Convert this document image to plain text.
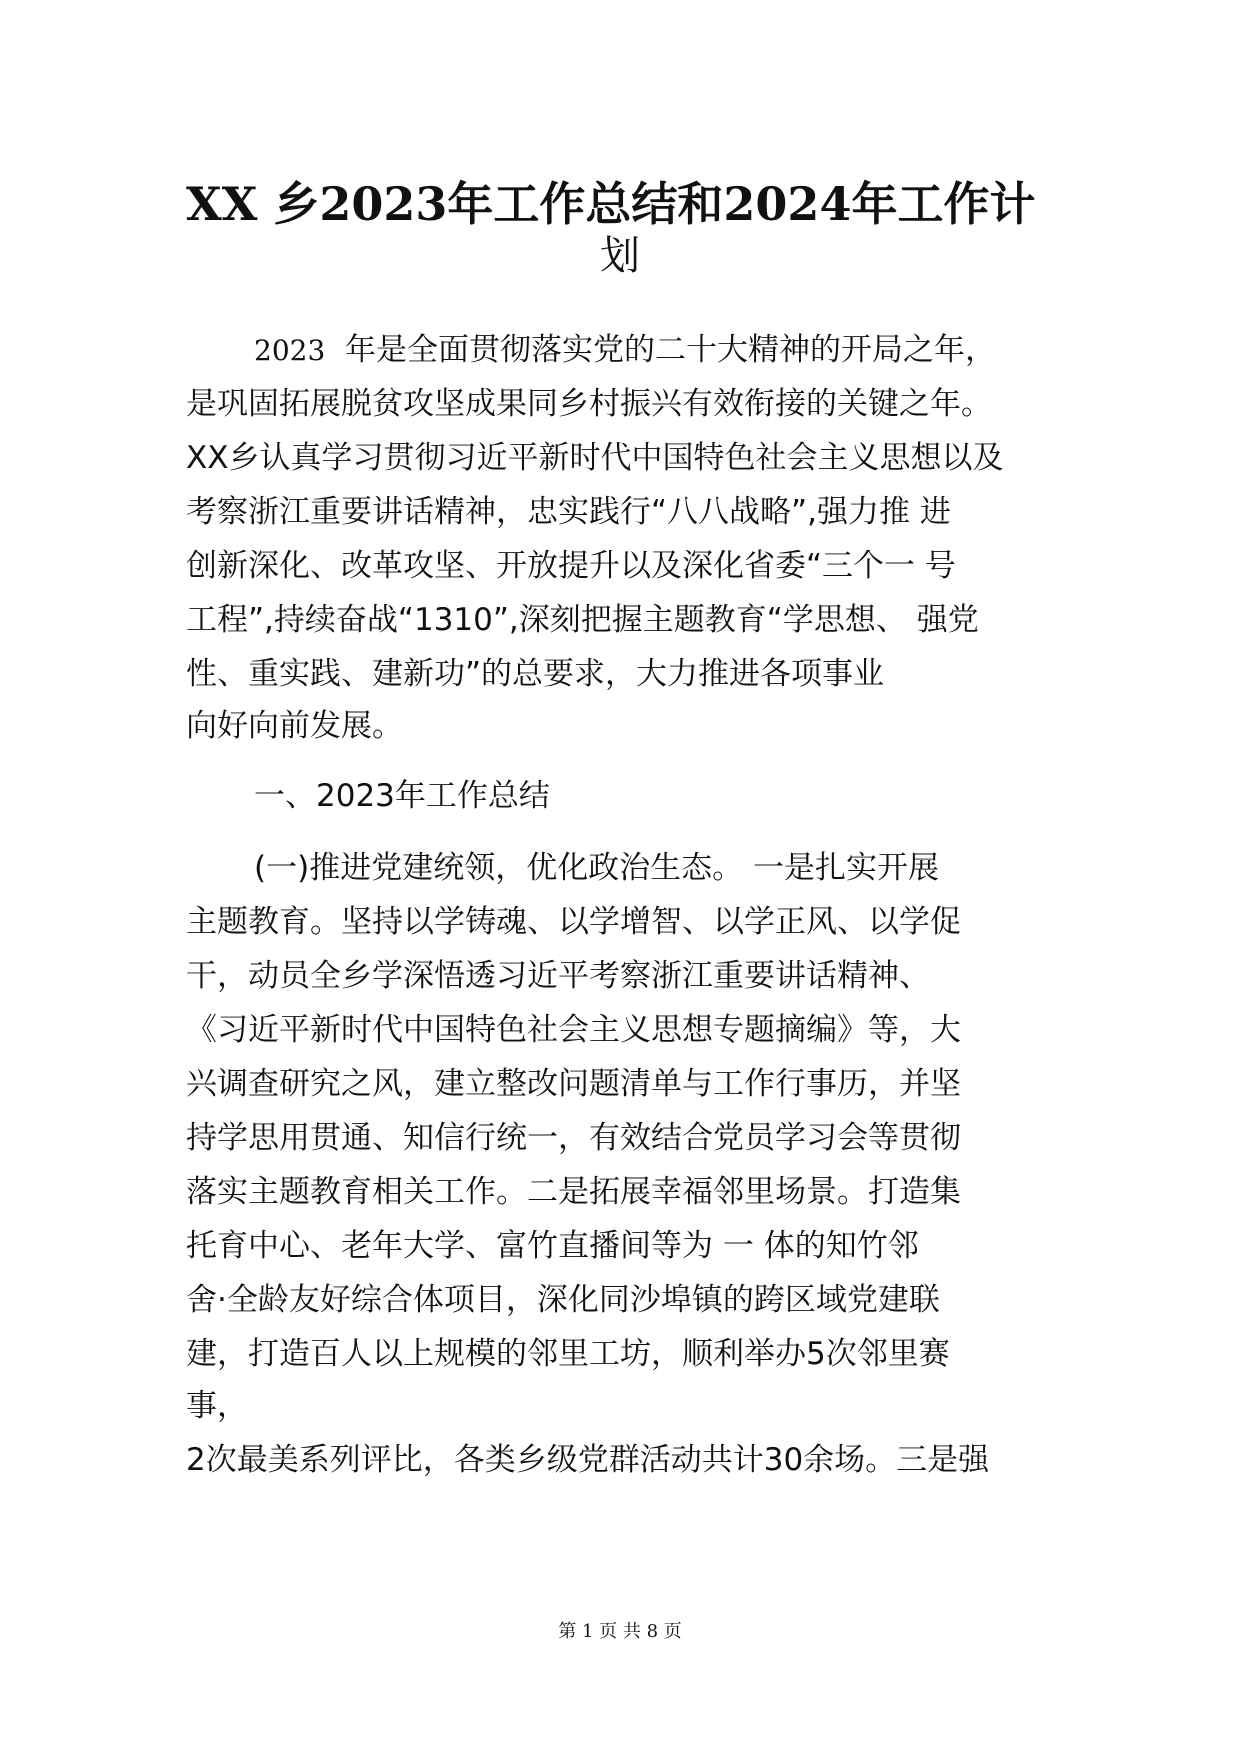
XX 乡2023年工作总结和2024年工作计
划
2023 年是全面贯彻落实党的二十大精神的开局之年，
是巩固拓展脱贫攻坚成果同乡村振兴有效衔接的关键之年。
XX乡认真学习贯彻习近平新时代中国特色社会主义思想以及
考察浙江重要讲话精神，忠实践行“八八战略”,强力推 进
创新深化、改革攻坚、开放提升以及深化省委“三个一 号
工程”,持续奋战“1310”,深刻把握主题教育“学思想、 强党
性、重实践、建新功”的总要求，大力推进各项事业
向好向前发展。
一、2023年工作总结
(一)推进党建统领，优化政治生态。 一是扎实开展
主题教育。坚持以学铸魂、以学增智、以学正风、以学促
干，动员全乡学深悟透习近平考察浙江重要讲话精神、
《习近平新时代中国特色社会主义思想专题摘编》等，大
兴调查研究之风，建立整改问题清单与工作行事历，并坚
持学思用贯通、知信行统一，有效结合党员学习会等贯彻
落实主题教育相关工作。二是拓展幸福邻里场景。打造集
托育中心、老年大学、富竹直播间等为 一 体的知竹邻
舍·全龄友好综合体项目，深化同沙埠镇的跨区域党建联
建，打造百人以上规模的邻里工坊，顺利举办5次邻里赛
事，
2次最美系列评比，各类乡级党群活动共计30余场。三是强
第 1 页 共 8 页
